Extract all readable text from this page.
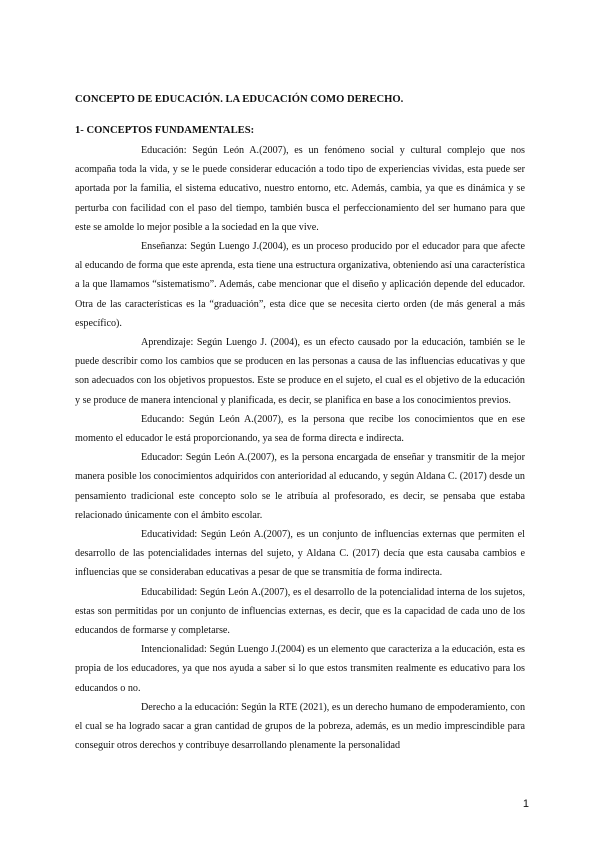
CONCEPTO DE EDUCACIÓN. LA EDUCACIÓN COMO DERECHO.
1- CONCEPTOS FUNDAMENTALES:

Educación: Según León A.(2007), es un fenómeno social y cultural complejo que nos acompaña toda la vida, y se le puede considerar educación a todo tipo de experiencias vividas, esta puede ser aportada por la familia, el sistema educativo, nuestro entorno, etc. Además, cambia, ya que es dinámica y se perturba con facilidad con el paso del tiempo, también busca el perfeccionamiento del ser humano para que este se amolde lo mejor posible a la sociedad en la que vive.

Enseñanza: Según Luengo J.(2004), es un proceso producido por el educador para que afecte al educando de forma que este aprenda, esta tiene una estructura organizativa, obteniendo así una característica a la que llamamos “sistematismo”. Además, cabe mencionar que el diseño y aplicación depende del educador. Otra de las características es la “graduación”, esta dice que se necesita cierto orden (de más general a más específico).

Aprendizaje: Según Luengo J. (2004), es un efecto causado por la educación, también se le puede describir como los cambios que se producen en las personas a causa de las influencias educativas y que son adecuados con los objetivos propuestos. Este se produce en el sujeto, el cual es el objetivo de la educación y se produce de manera intencional y planificada, es decir, se planifica en base a los conocimientos previos.

Educando: Según León A.(2007), es la persona que recibe los conocimientos que en ese momento el educador le está proporcionando, ya sea de forma directa e indirecta.

Educador: Según León A.(2007), es la persona encargada de enseñar y transmitir de la mejor manera posible los conocimientos adquiridos con anterioridad al educando, y según Aldana C. (2017) desde un pensamiento tradicional este concepto solo se le atribuía al profesorado, es decir, se pensaba que estaba relacionado únicamente con el ámbito escolar.

Educatividad: Según León A.(2007), es un conjunto de influencias externas que permiten el desarrollo de las potencialidades internas del sujeto, y Aldana C. (2017) decía que esta causaba cambios e influencias que se consideraban educativas a pesar de que se transmitía de forma indirecta.

Educabilidad: Según León A.(2007), es el desarrollo de la potencialidad interna de los sujetos, estas son permitidas por un conjunto de influencias externas, es decir, que es la capacidad de cada uno de los educandos de formarse y completarse.

Intencionalidad: Según Luengo J.(2004) es un elemento que caracteriza a la educación, esta es propia de los educadores, ya que nos ayuda a saber si lo que estos transmiten realmente es educativo para los educandos o no.

Derecho a la educación: Según la RTE (2021), es un derecho humano de empoderamiento, con el cual se ha logrado sacar a gran cantidad de grupos de la pobreza, además, es un medio imprescindible para conseguir otros derechos y contribuye desarrollando plenamente la personalidad

1
